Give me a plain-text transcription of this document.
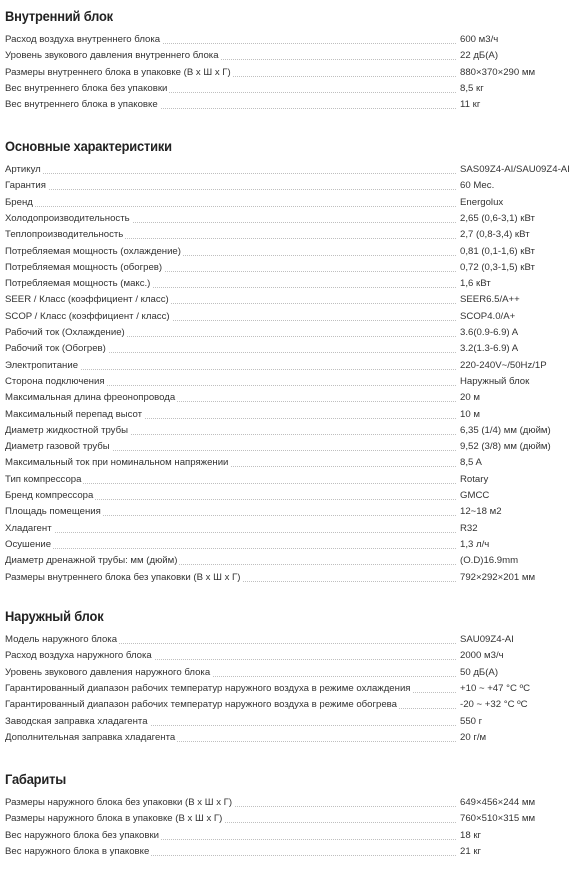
Внутренний блок
Расход воздуха внутреннего блока	600 м3/ч
Уровень звукового давления внутреннего блока	22 дБ(А)
Размеры внутреннего блока в упаковке (В х Ш х Г)	880×370×290 мм
Вес внутреннего блока без упаковки	8,5 кг
Вес внутреннего блока в упаковке	11 кг
Основные характеристики
Артикул	SAS09Z4-AI/SAU09Z4-AI
Гарантия	60 Мес.
Бренд	Energolux
Холодопроизводительность	2,65 (0,6-3,1) кВт
Теплопроизводительность	2,7 (0,8-3,4) кВт
Потребляемая мощность (охлаждение)	0,81 (0,1-1,6) кВт
Потребляемая мощность (обогрев)	0,72 (0,3-1,5) кВт
Потребляемая мощность (макс.)	1,6 кВт
SEER / Класс (коэффициент / класс)	SEER6.5/A++
SCOP / Класс (коэффициент / класс)	SCOP4.0/A+
Рабочий ток (Охлаждение)	3.6(0.9-6.9) A
Рабочий ток (Обогрев)	3.2(1.3-6.9) A
Электропитание	220-240V~/50Hz/1P
Сторона подключения	Наружный блок
Максимальная длина фреонопровода	20 м
Максимальный перепад высот	10 м
Диаметр жидкостной трубы	6,35 (1/4) мм (дюйм)
Диаметр газовой трубы	9,52 (3/8) мм (дюйм)
Максимальный ток при номинальном напряжении	8,5 A
Тип компрессора	Rotary
Бренд компрессора	GMCC
Площадь помещения	12~18 м2
Хладагент	R32
Осушение	1,3 л/ч
Диаметр дренажной трубы: мм (дюйм)	(O.D)16.9mm
Размеры внутреннего блока без упаковки (В х Ш х Г)	792×292×201 мм
Наружный блок
Модель наружного блока	SAU09Z4-AI
Расход воздуха наружного блока	2000 м3/ч
Уровень звукового давления наружного блока	50 дБ(А)
Гарантированный диапазон рабочих температур наружного воздуха в режиме охлаждения	+10 ~ +47 °С ºC
Гарантированный диапазон рабочих температур наружного воздуха в режиме обогрева	-20 ~ +32 °С ºC
Заводская заправка хладагента	550 г
Дополнительная заправка хладагента	20 г/м
Габариты
Размеры наружного блока без упаковки (В х Ш х Г)	649×456×244 мм
Размеры наружного блока в упаковке (В х Ш х Г)	760×510×315 мм
Вес наружного блока без упаковки	18 кг
Вес наружного блока в упаковке	21 кг
